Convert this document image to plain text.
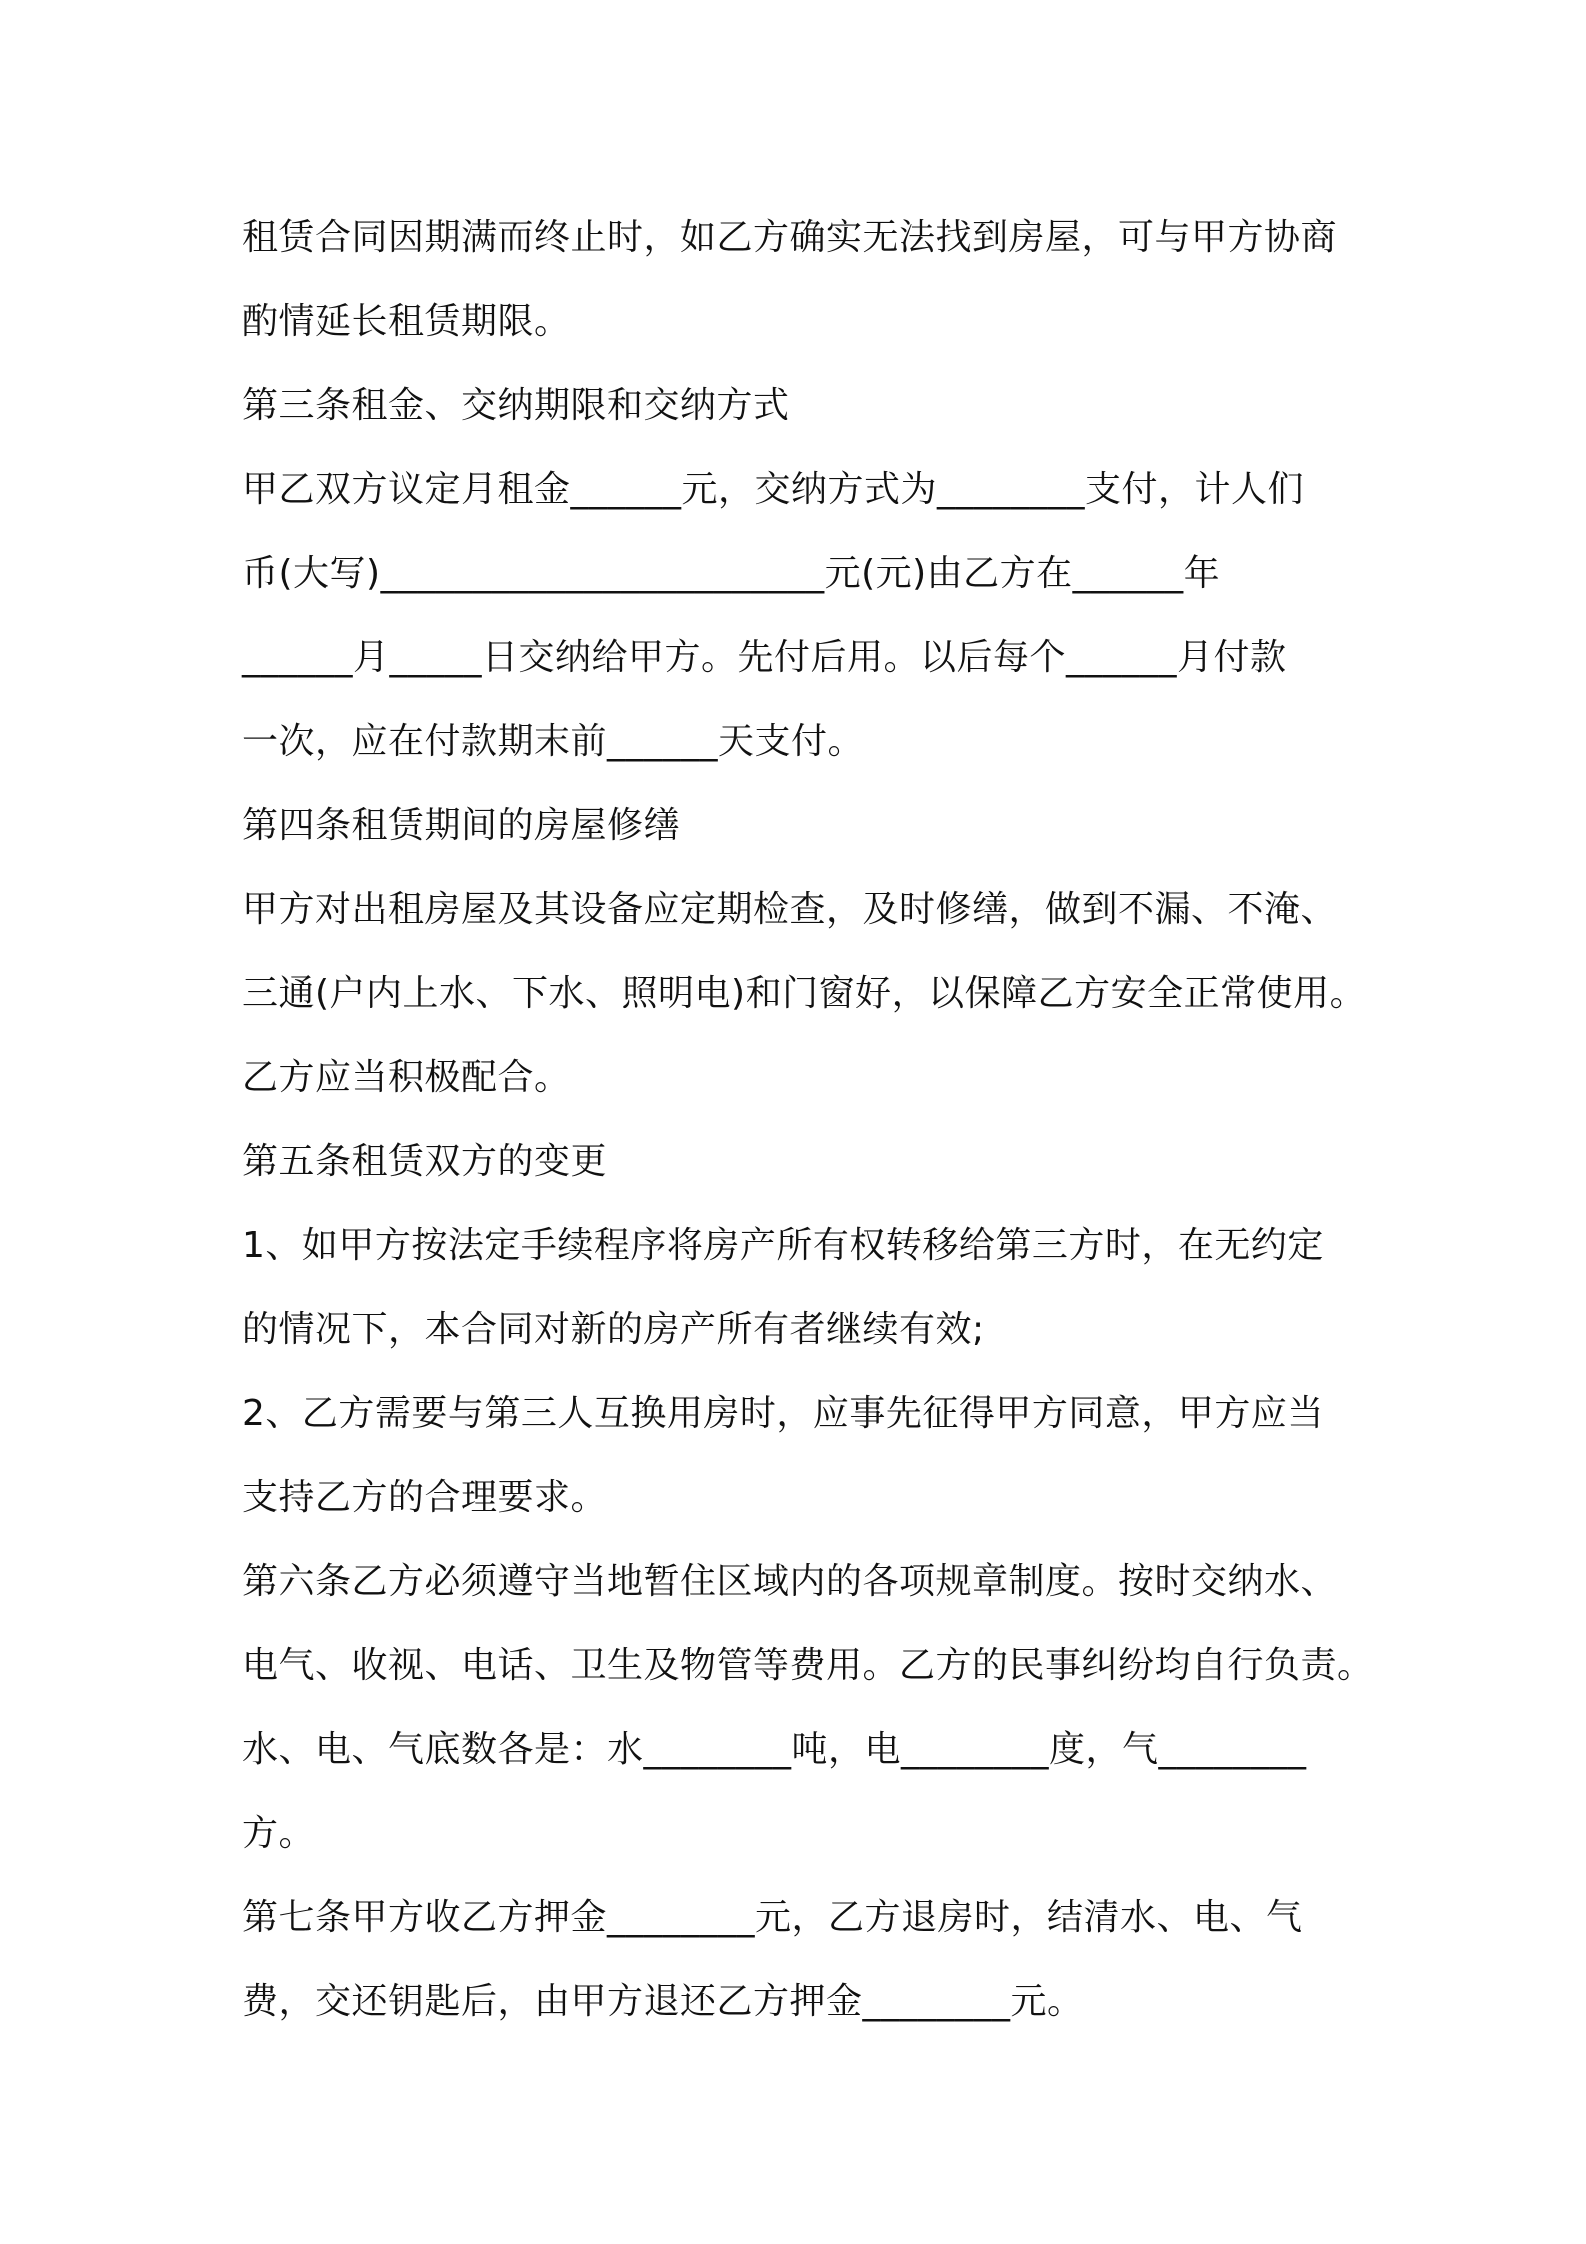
租赁合同因期满而终止时，如乙方确实无法找到房屋，可与甲方协商
酌情延长租赁期限。
第三条租金、交纳期限和交纳方式
甲乙双方议定月租金______元，交纳方式为________支付，计人们
币(大写)________________________元(元)由乙方在______年
______月_____日交纳给甲方。先付后用。以后每个______月付款
一次，应在付款期末前______天支付。
第四条租赁期间的房屋修缮
甲方对出租房屋及其设备应定期检查，及时修缮，做到不漏、不淹、
三通(户内上水、下水、照明电)和门窗好，以保障乙方安全正常使用。
乙方应当积极配合。
第五条租赁双方的变更
1、如甲方按法定手续程序将房产所有权转移给第三方时，在无约定
的情况下，本合同对新的房产所有者继续有效;
2、乙方需要与第三人互换用房时，应事先征得甲方同意，甲方应当
支持乙方的合理要求。
第六条乙方必须遵守当地暂住区域内的各项规章制度。按时交纳水、
电气、收视、电话、卫生及物管等费用。乙方的民事纠纷均自行负责。
水、电、气底数各是：水________吨，电________度，气________
方。
第七条甲方收乙方押金________元，乙方退房时，结清水、电、气
费，交还钥匙后，由甲方退还乙方押金________元。
